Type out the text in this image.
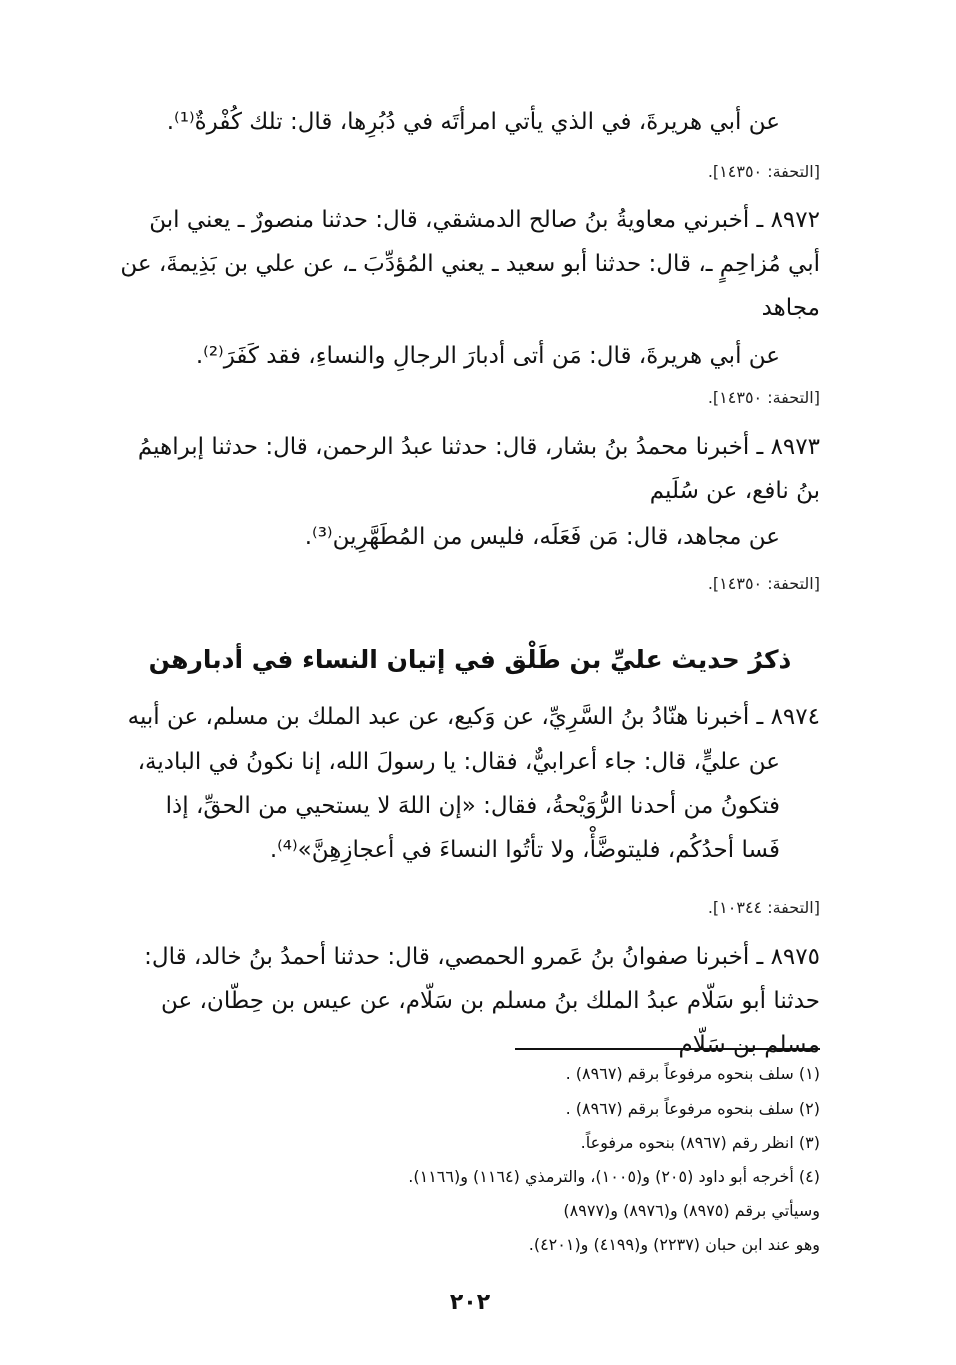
عن أبي هريرةَ، في الذي يأتي امرأتَه في دُبُرِها، قال: تلك كُفْرةٌ⁽¹⁾.

[التحفة: ١٤٣٥٠].

٨٩٧٢ ـ أخبرني معاويةُ بنُ صالح الدمشقي، قال: حدثنا منصورٌ ـ يعني ابنَ أبي مُزاحِمٍ ـ، قال: حدثنا أبو سعيد ـ يعني المُؤدِّبَ ـ، عن علي بن بَذِيمةَ، عن مجاهد

عن أبي هريرةَ، قال: مَن أتى أدبارَ الرجالِ والنساءِ، فقد كَفَرَ⁽²⁾.

[التحفة: ١٤٣٥٠].

٨٩٧٣ ـ أخبرنا محمدُ بنُ بشار، قال: حدثنا عبدُ الرحمن، قال: حدثنا إبراهيمُ بنُ نافع، عن سُلَيم

عن مجاهد، قال: مَن فَعَلَه، فليس من المُطَهَّرِين⁽³⁾.

[التحفة: ١٤٣٥٠].
ذكرُ حديث عليِّ بن طَلْق في إتيان النساء في أدبارهن

٨٩٧٤ ـ أخبرنا هنّادُ بنُ السَّرِيِّ، عن وَكيع، عن عبد الملك بن مسلم، عن أبيه

عن عليٍّ، قال: جاء أعرابيٌّ، فقال: يا رسولَ الله، إنا نكونُ في البادية، فتكونُ من أحدنا الرُّوَيْحةُ، فقال: «إن اللهَ لا يستحيي من الحقِّ، إذا فَسا أحدُكُم، فليتوضَّأْ، ولا تأتُوا النساءَ في أعجازِهِنَّ»⁽⁴⁾.

[التحفة: ١٠٣٤٤].

٨٩٧٥ ـ أخبرنا صفوانُ بنُ عَمرو الحمصي، قال: حدثنا أحمدُ بنُ خالد، قال: حدثنا أبو سَلّام عبدُ الملك بنُ مسلم بن سَلّام، عن عيس بن حِطّان، عن مسلم بن سَلّام

(١) سلف بنحوه مرفوعاً برقم (٨٩٦٧) .
(٢) سلف بنحوه مرفوعاً برقم (٨٩٦٧) .
(٣) انظر رقم (٨٩٦٧) بنحوه مرفوعاً.
(٤) أخرجه أبو داود (٢٠٥) و(١٠٠٥)، والترمذي (١١٦٤) و(١١٦٦).
وسيأتي برقم (٨٩٧٥) و(٨٩٧٦) و(٨٩٧٧)
وهو عند ابن حبان (٢٢٣٧) و(٤١٩٩) و(٤٢٠١).
٢٠٢
